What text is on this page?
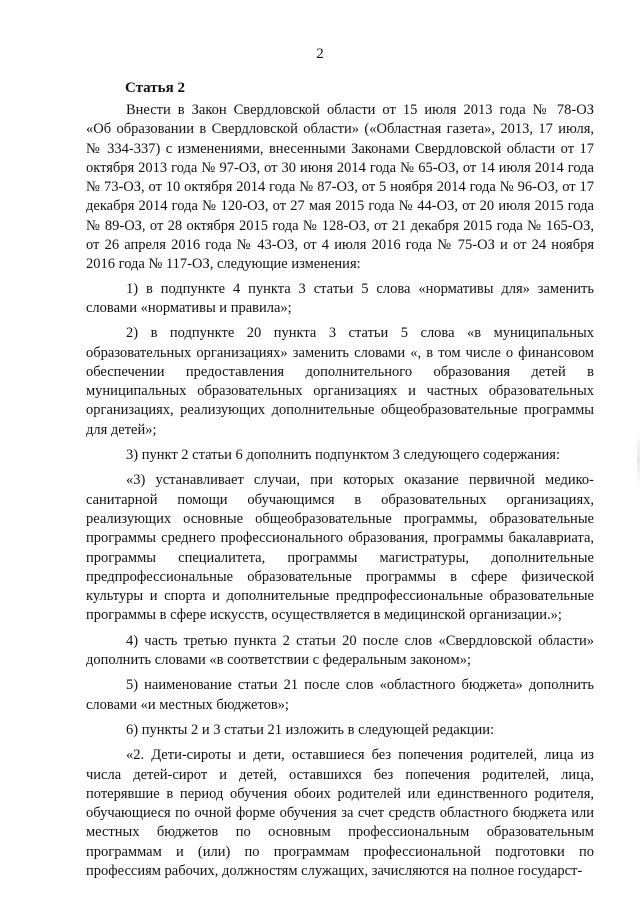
2
Статья 2

Внести в Закон Свердловской области от 15 июля 2013 года № 78-ОЗ
«Об образовании в Свердловской области» («Областная газета», 2013, 17 июля, № 334-337) с изменениями, внесенными Законами Свердловской области от 17 октября 2013 года № 97-ОЗ, от 30 июня 2014 года № 65-ОЗ, от 14 июля 2014 года № 73-ОЗ, от 10 октября 2014 года № 87-ОЗ, от 5 ноября 2014 года № 96-ОЗ, от 17 декабря 2014 года № 120-ОЗ, от 27 мая 2015 года № 44-ОЗ, от 20 июля 2015 года № 89-ОЗ, от 28 октября 2015 года № 128-ОЗ, от 21 декабря 2015 года № 165-ОЗ, от 26 апреля 2016 года № 43-ОЗ, от 4 июля 2016 года № 75-ОЗ и от 24 ноября 2016 года № 117-ОЗ, следующие изменения:

1) в подпункте 4 пункта 3 статьи 5 слова «нормативы для» заменить словами «нормативы и правила»;

2) в подпункте 20 пункта 3 статьи 5 слова «в муниципальных образовательных организациях» заменить словами «, в том числе о финансовом обеспечении предоставления дополнительного образования детей в муниципальных образовательных организациях и частных образовательных организациях, реализующих дополнительные общеобразовательные программы для детей»;

3) пункт 2 статьи 6 дополнить подпунктом 3 следующего содержания:

«3) устанавливает случаи, при которых оказание первичной медико-санитарной помощи обучающимся в образовательных организациях, реализующих основные общеобразовательные программы, образовательные программы среднего профессионального образования, программы бакалавриата, программы специалитета, программы магистратуры, дополнительные предпрофессиональные образовательные программы в сфере физической культуры и спорта и дополнительные предпрофессиональные образовательные программы в сфере искусств, осуществляется в медицинской организации.»;

4) часть третью пункта 2 статьи 20 после слов «Свердловской области» дополнить словами «в соответствии с федеральным законом»;

5) наименование статьи 21 после слов «областного бюджета» дополнить словами «и местных бюджетов»;

6) пункты 2 и 3 статьи 21 изложить в следующей редакции:

«2. Дети-сироты и дети, оставшиеся без попечения родителей, лица из числа детей-сирот и детей, оставшихся без попечения родителей, лица, потерявшие в период обучения обоих родителей или единственного родителя, обучающиеся по очной форме обучения за счет средств областного бюджета или местных бюджетов по основным профессиональным образовательным программам и (или) по программам профессиональной подготовки по профессиям рабочих, должностям служащих, зачисляются на полное государст-
